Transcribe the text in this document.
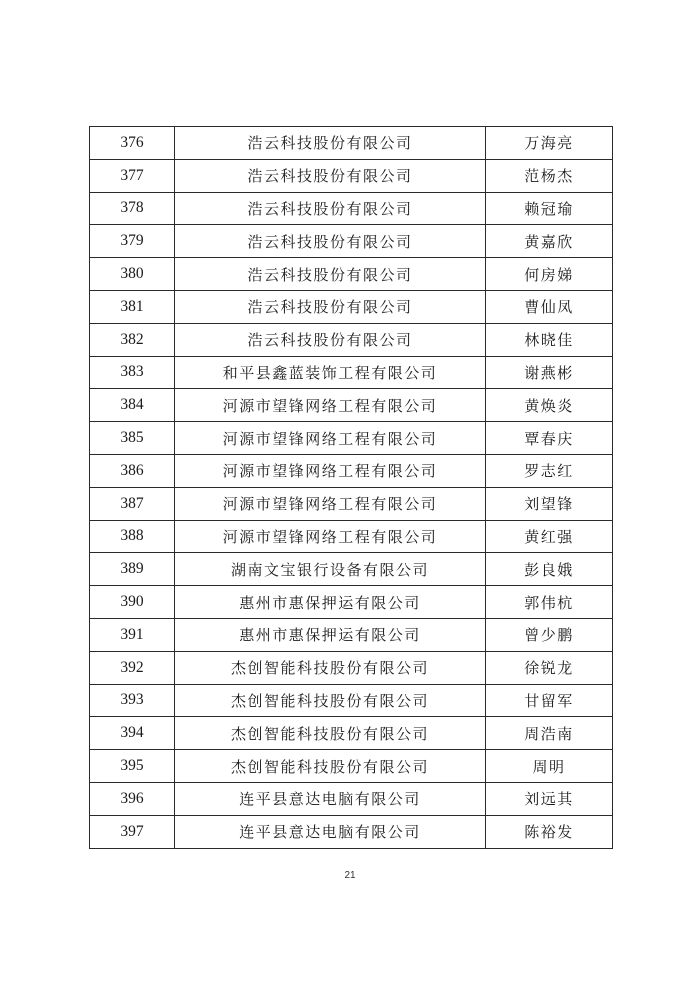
376	浩云科技股份有限公司	万海亮
377	浩云科技股份有限公司	范杨杰
378	浩云科技股份有限公司	赖冠瑜
379	浩云科技股份有限公司	黄嘉欣
380	浩云科技股份有限公司	何房娣
381	浩云科技股份有限公司	曹仙凤
382	浩云科技股份有限公司	林晓佳
383	和平县鑫蓝装饰工程有限公司	谢燕彬
384	河源市望锋网络工程有限公司	黄焕炎
385	河源市望锋网络工程有限公司	覃春庆
386	河源市望锋网络工程有限公司	罗志红
387	河源市望锋网络工程有限公司	刘望锋
388	河源市望锋网络工程有限公司	黄红强
389	湖南文宝银行设备有限公司	彭良娥
390	惠州市惠保押运有限公司	郭伟杭
391	惠州市惠保押运有限公司	曾少鹏
392	杰创智能科技股份有限公司	徐锐龙
393	杰创智能科技股份有限公司	甘留军
394	杰创智能科技股份有限公司	周浩南
395	杰创智能科技股份有限公司	周明
396	连平县意达电脑有限公司	刘远其
397	连平县意达电脑有限公司	陈裕发
21
